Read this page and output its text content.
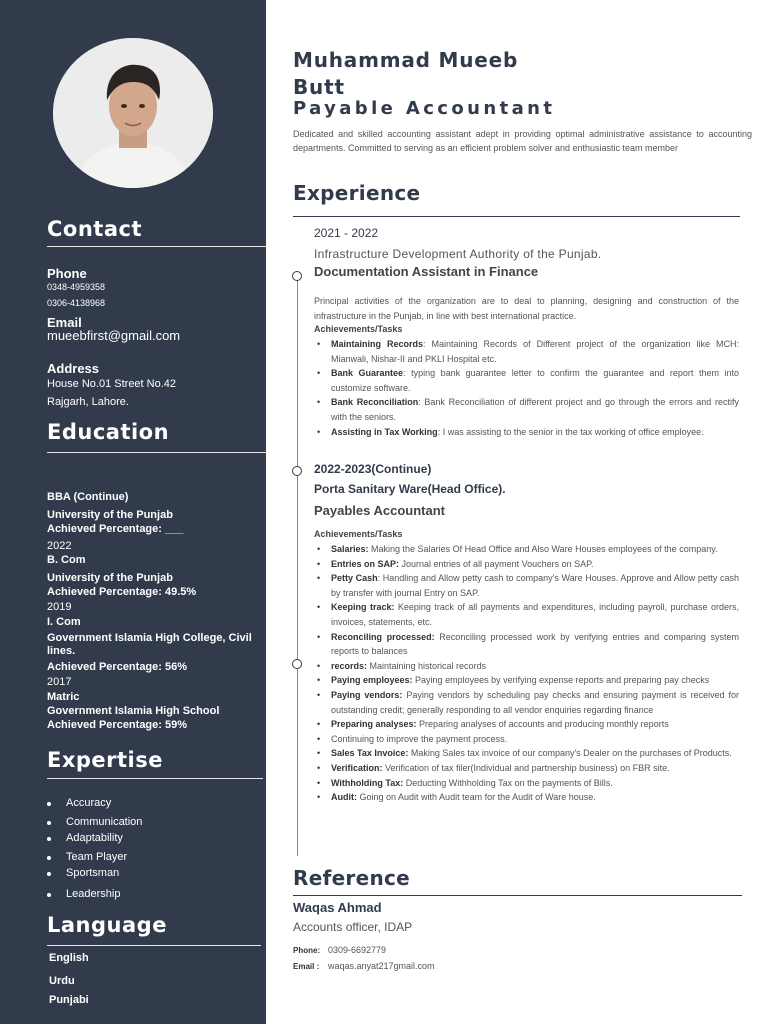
Contact
Phone
0348-4959358
0306-4138968
Email
mueebfirst@gmail.com
Address
House No.01 Street No.42
Rajgarh, Lahore.
Education
BBA (Continue)
University of the Punjab
Achieved Percentage: ___
2022
B. Com
University of the Punjab
Achieved Percentage: 49.5%
2019
I. Com
Government Islamia High College, Civil lines.
Achieved Percentage: 56%
2017
Matric
Government Islamia High School
Achieved Percentage: 59%
Expertise
Accuracy
Communication
Adaptability
Team Player
Sportsman
Leadership
Language
English
Urdu
Punjabi
Muhammad Mueeb Butt
Payable Accountant

Dedicated and skilled accounting assistant adept in providing optimal administrative assistance to accounting departments. Committed to serving as an efficient problem solver and enthusiastic team member

Experience
2021 - 2022
Infrastructure Development Authority of the Punjab.
Documentation Assistant in Finance

Principal activities of the organization are to deal to planning, designing and construction of the infrastructure in the Punjab, in line with best international practice.

Achievements/Tasks
• Maintaining Records: Maintaining Records of Different project of the organization like MCH: Mianwali, Nishar-II and PKLI Hospital etc.
• Bank Guarantee: typing bank guarantee letter to confirm the guarantee and report them into customize software.
• Bank Reconciliation: Bank Reconciliation of different project and go through the errors and rectify with the seniors.
• Assisting in Tax Working: I was assisting to the senior in the tax working of office employee.
2022-2023(Continue)
Porta Sanitary Ware(Head Office).
Payables Accountant
Achievements/Tasks
• Salaries: Making the Salaries Of Head Office and Also Ware Houses employees of the company.
• Entries on SAP: Journal entries of all payment Vouchers on SAP.
• Petty Cash: Handling and Allow petty cash to company's Ware Houses. Approve and Allow petty cash by transfer with journal Entry on SAP.
• Keeping track: Keeping track of all payments and expenditures, including payroll, purchase orders, invoices, statements, etc.
• Reconciling processed: Reconciling processed work by verifying entries and comparing system reports to balances
• records: Maintaining historical records
• Paying employees: Paying employees by verifying expense reports and preparing pay checks
• Paying vendors: Paying vendors by scheduling pay checks and ensuring payment is received for outstanding credit; generally responding to all vendor enquiries regarding finance
• Preparing analyses: Preparing analyses of accounts and producing monthly reports
• Continuing to improve the payment process.
• Sales Tax Invoice: Making Sales tax invoice of our company's Dealer on the purchases of Products.
• Verification: Verification of tax filer(Individual and partnership business) on FBR site.
• Withholding Tax: Deducting Withholding Tax on the payments of Bills.
• Audit: Going on Audit with Audit team for the Audit of Ware house.
Reference
Waqas Ahmad
Accounts officer, IDAP
Phone: 0309-6692779
Email : waqas.anyat217gmail.com
